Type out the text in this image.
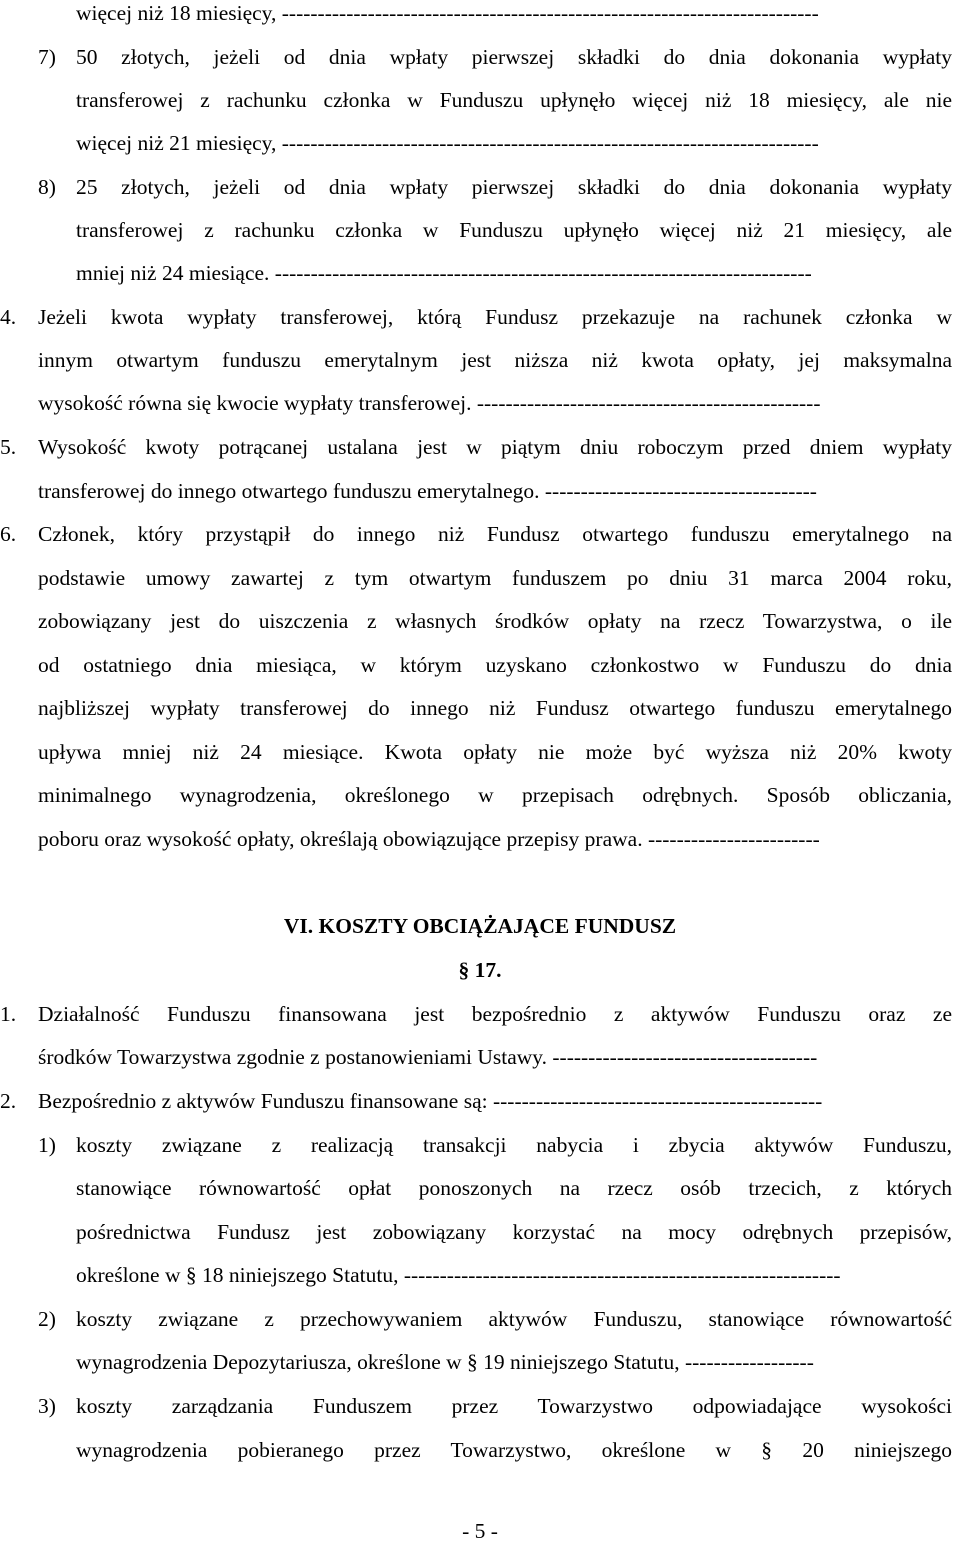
więcej niż 18 miesięcy, ---------------------------------------------------------------------------
7) 50 złotych, jeżeli od dnia wpłaty pierwszej składki do dnia dokonania wypłaty
transferowej z rachunku członka w Funduszu upłynęło więcej niż 18 miesięcy, ale nie
więcej niż 21 miesięcy, ---------------------------------------------------------------------------
8) 25 złotych, jeżeli od dnia wpłaty pierwszej składki do dnia dokonania wypłaty
transferowej z rachunku członka w Funduszu upłynęło więcej niż 21 miesięcy, ale
mniej niż 24 miesiące. ---------------------------------------------------------------------------
4. Jeżeli kwota wypłaty transferowej, którą Fundusz przekazuje na rachunek członka w
innym otwartym funduszu emerytalnym jest niższa niż kwota opłaty, jej maksymalna
wysokość równa się kwocie wypłaty transferowej. ------------------------------------------------
5. Wysokość kwoty potrącanej ustalana jest w piątym dniu roboczym przed dniem wypłaty
transferowej do innego otwartego funduszu emerytalnego. --------------------------------------
6. Członek, który przystąpił do innego niż Fundusz otwartego funduszu emerytalnego na
podstawie umowy zawartej z tym otwartym funduszem po dniu 31 marca 2004 roku,
zobowiązany jest do uiszczenia z własnych środków opłaty na rzecz Towarzystwa, o ile
od ostatniego dnia miesiąca, w którym uzyskano członkostwo w Funduszu do dnia
najbliższej wypłaty transferowej do innego niż Fundusz otwartego funduszu emerytalnego
upływa mniej niż 24 miesiące. Kwota opłaty nie może być wyższa niż 20% kwoty
minimalnego wynagrodzenia, określonego w przepisach odrębnych. Sposób obliczania,
poboru oraz wysokość opłaty, określają obowiązujące przepisy prawa. ------------------------
VI. KOSZTY OBCIĄŻAJĄCE FUNDUSZ
§ 17.
1. Działalność Funduszu finansowana jest bezpośrednio z aktywów Funduszu oraz ze
środków Towarzystwa zgodnie z postanowieniami Ustawy. -------------------------------------
2. Bezpośrednio z aktywów Funduszu finansowane są: ----------------------------------------------
1) koszty związane z realizacją transakcji nabycia i zbycia aktywów Funduszu,
stanowiące równowartość opłat ponoszonych na rzecz osób trzecich, z których
pośrednictwa Fundusz jest zobowiązany korzystać na mocy odrębnych przepisów,
określone w § 18 niniejszego Statutu, -------------------------------------------------------------
2) koszty związane z przechowywaniem aktywów Funduszu, stanowiące równowartość
wynagrodzenia Depozytariusza, określone w § 19 niniejszego Statutu, ------------------
3) koszty zarządzania Funduszem przez Towarzystwo odpowiadające wysokości
wynagrodzenia pobieranego przez Towarzystwo, określone w § 20 niniejszego
- 5 -
